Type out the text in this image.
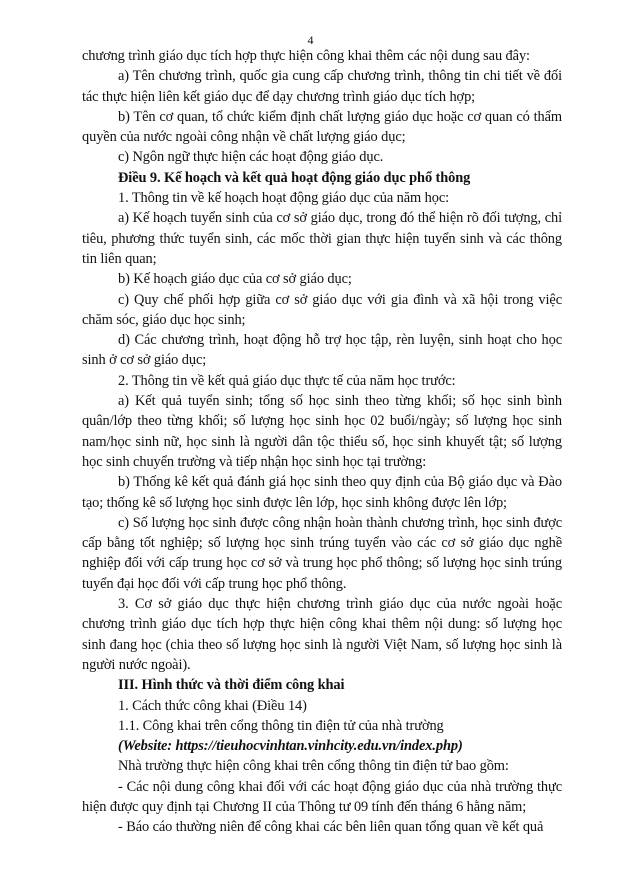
4

chương trình giáo dục tích hợp thực hiện công khai thêm các nội dung sau đây:

a) Tên chương trình, quốc gia cung cấp chương trình, thông tin chi tiết về đối tác thực hiện liên kết giáo dục để dạy chương trình giáo dục tích hợp;

b) Tên cơ quan, tổ chức kiểm định chất lượng giáo dục hoặc cơ quan có thẩm quyền của nước ngoài công nhận về chất lượng giáo dục;

c) Ngôn ngữ thực hiện các hoạt động giáo dục.

Điều 9. Kế hoạch và kết quả hoạt động giáo dục phổ thông

1. Thông tin về kế hoạch hoạt động giáo dục của năm học:

a) Kế hoạch tuyển sinh của cơ sở giáo dục, trong đó thể hiện rõ đối tượng, chỉ tiêu, phương thức tuyển sinh, các mốc thời gian thực hiện tuyển sinh và các thông tin liên quan;

b) Kế hoạch giáo dục của cơ sở giáo dục;

c) Quy chế phối hợp giữa cơ sở giáo dục với gia đình và xã hội trong việc chăm sóc, giáo dục học sinh;

d) Các chương trình, hoạt động hỗ trợ học tập, rèn luyện, sinh hoạt cho học sinh ở cơ sở giáo dục;

2. Thông tin về kết quả giáo dục thực tế của năm học trước:

a) Kết quả tuyển sinh; tổng số học sinh theo từng khối; số học sinh bình quân/lớp theo từng khối; số lượng học sinh học 02 buổi/ngày; số lượng học sinh nam/học sinh nữ, học sinh là người dân tộc thiểu số, học sinh khuyết tật; số lượng học sinh chuyển trường và tiếp nhận học sinh học tại trường:

b) Thống kê kết quả đánh giá học sinh theo quy định của Bộ giáo dục và Đào tạo; thống kê số lượng học sinh được lên lớp, học sinh không được lên lớp;

c) Số lượng học sinh được công nhận hoàn thành chương trình, học sinh được cấp bằng tốt nghiệp; số lượng học sinh trúng tuyển vào các cơ sở giáo dục nghề nghiệp đối với cấp trung học cơ sở và trung học phổ thông; số lượng học sinh trúng tuyển đại học đối với cấp trung học phổ thông.

3. Cơ sở giáo dục thực hiện chương trình giáo dục của nước ngoài hoặc chương trình giáo dục tích hợp thực hiện công khai thêm nội dung: số lượng học sinh đang học (chia theo số lượng học sinh là người Việt Nam, số lượng học sinh là người nước ngoài).

III. Hình thức và thời điểm công khai

1. Cách thức công khai (Điều 14)

1.1. Công khai trên cổng thông tin điện tử của nhà trường

(Website: https://tieuhocvinhtan.vinhcity.edu.vn/index.php)

Nhà trường thực hiện công khai trên cổng thông tin điện tử bao gồm:

- Các nội dung công khai đối với các hoạt động giáo dục của nhà trường thực hiện được quy định tại Chương II của Thông tư 09 tính đến tháng 6 hằng năm;

- Báo cáo thường niên để công khai các bên liên quan tổng quan về kết quả
